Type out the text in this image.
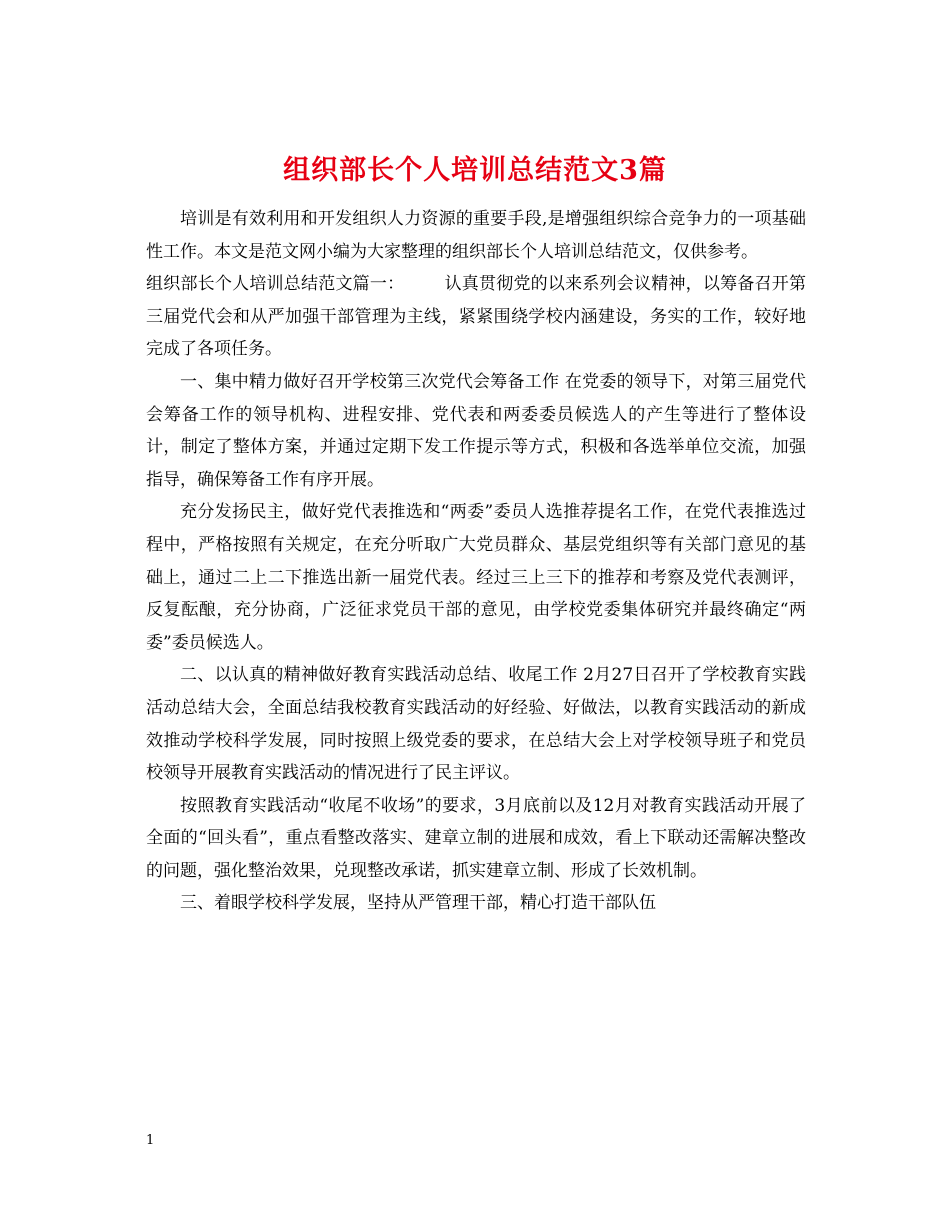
组织部长个人培训总结范文3篇

培训是有效利用和开发组织人力资源的重要手段,是增强组织综合竞争力的一项基础性工作。本文是范文网小编为大家整理的组织部长个人培训总结范文，仅供参考。

组织部长个人培训总结范文篇一： 认真贯彻党的以来系列会议精神，以筹备召开第三届党代会和从严加强干部管理为主线，紧紧围绕学校内涵建设，务实的工作，较好地完成了各项任务。

一、集中精力做好召开学校第三次党代会筹备工作 在党委的领导下，对第三届党代会筹备工作的领导机构、进程安排、党代表和两委委员候选人的产生等进行了整体设计，制定了整体方案，并通过定期下发工作提示等方式，积极和各选举单位交流，加强指导，确保筹备工作有序开展。

充分发扬民主，做好党代表推选和“两委”委员人选推荐提名工作，在党代表推选过程中，严格按照有关规定，在充分听取广大党员群众、基层党组织等有关部门意见的基础上，通过二上二下推选出新一届党代表。经过三上三下的推荐和考察及党代表测评，反复酝酿，充分协商，广泛征求党员干部的意见，由学校党委集体研究并最终确定“两委”委员候选人。

二、以认真的精神做好教育实践活动总结、收尾工作 2月27日召开了学校教育实践活动总结大会，全面总结我校教育实践活动的好经验、好做法，以教育实践活动的新成效推动学校科学发展，同时按照上级党委的要求，在总结大会上对学校领导班子和党员校领导开展教育实践活动的情况进行了民主评议。

按照教育实践活动“收尾不收场”的要求，3月底前以及12月对教育实践活动开展了全面的“回头看”，重点看整改落实、建章立制的进展和成效，看上下联动还需解决整改的问题，强化整治效果，兑现整改承诺，抓实建章立制、形成了长效机制。

三、着眼学校科学发展，坚持从严管理干部，精心打造干部队伍

1
